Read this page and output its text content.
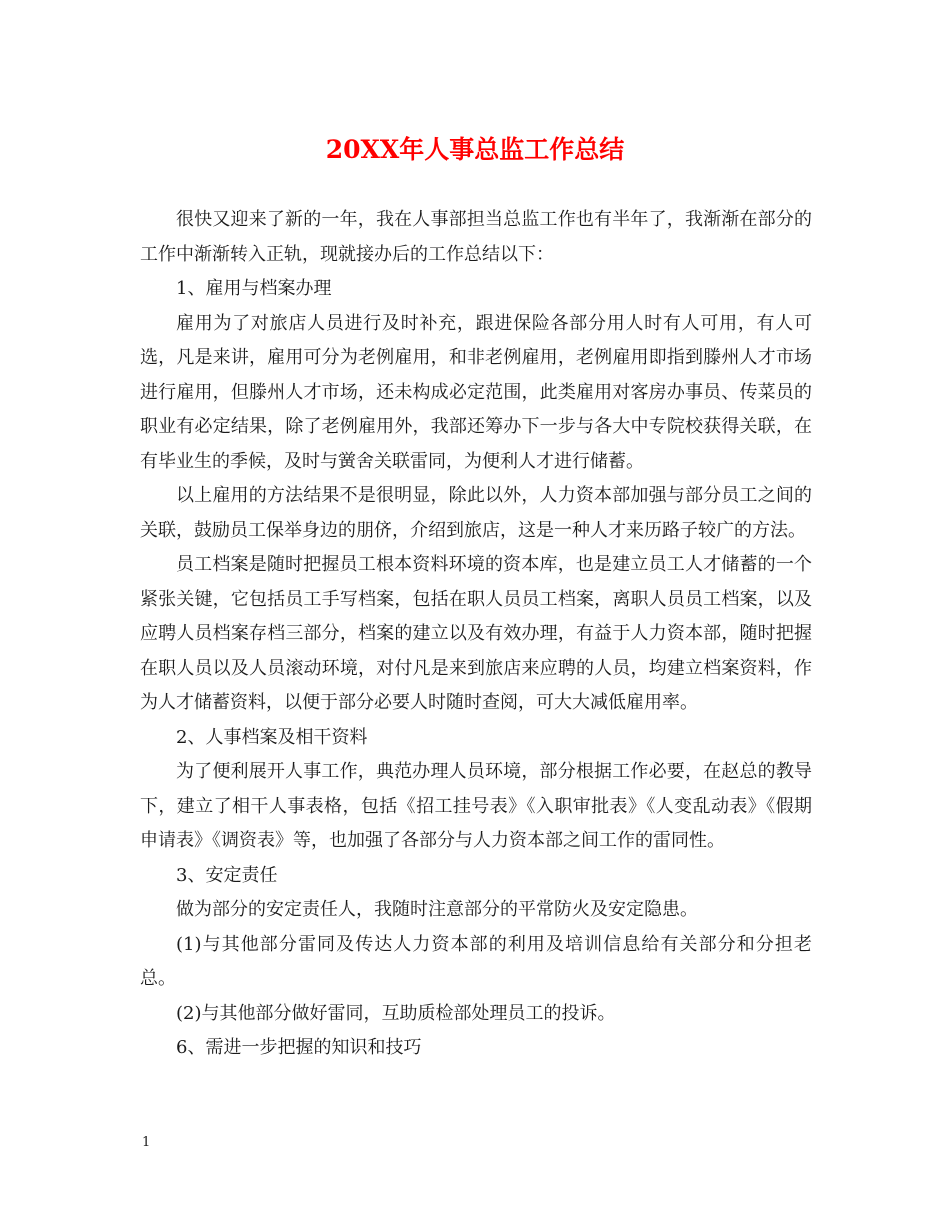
20XX年人事总监工作总结

很快又迎来了新的一年，我在人事部担当总监工作也有半年了，我渐渐在部分的工作中渐渐转入正轨，现就接办后的工作总结以下：

1、雇用与档案办理

雇用为了对旅店人员进行及时补充，跟进保险各部分用人时有人可用，有人可选，凡是来讲，雇用可分为老例雇用，和非老例雇用，老例雇用即指到滕州人才市场进行雇用，但滕州人才市场，还未构成必定范围，此类雇用对客房办事员、传菜员的职业有必定结果，除了老例雇用外，我部还筹办下一步与各大中专院校获得关联，在有毕业生的季候，及时与黉舍关联雷同，为便利人才进行储蓄。

以上雇用的方法结果不是很明显，除此以外，人力资本部加强与部分员工之间的关联，鼓励员工保举身边的朋侪，介绍到旅店，这是一种人才来历路子较广的方法。

员工档案是随时把握员工根本资料环境的资本库，也是建立员工人才储蓄的一个紧张关键，它包括员工手写档案，包括在职人员员工档案，离职人员员工档案，以及应聘人员档案存档三部分，档案的建立以及有效办理，有益于人力资本部，随时把握在职人员以及人员滚动环境，对付凡是来到旅店来应聘的人员，均建立档案资料，作为人才储蓄资料，以便于部分必要人时随时查阅，可大大减低雇用率。

2、人事档案及相干资料

为了便利展开人事工作，典范办理人员环境，部分根据工作必要，在赵总的教导下，建立了相干人事表格，包括《招工挂号表》《入职审批表》《人变乱动表》《假期申请表》《调资表》等，也加强了各部分与人力资本部之间工作的雷同性。

3、安定责任

做为部分的安定责任人，我随时注意部分的平常防火及安定隐患。

(1)与其他部分雷同及传达人力资本部的利用及培训信息给有关部分和分担老总。

(2)与其他部分做好雷同，互助质检部处理员工的投诉。

6、需进一步把握的知识和技巧

1
